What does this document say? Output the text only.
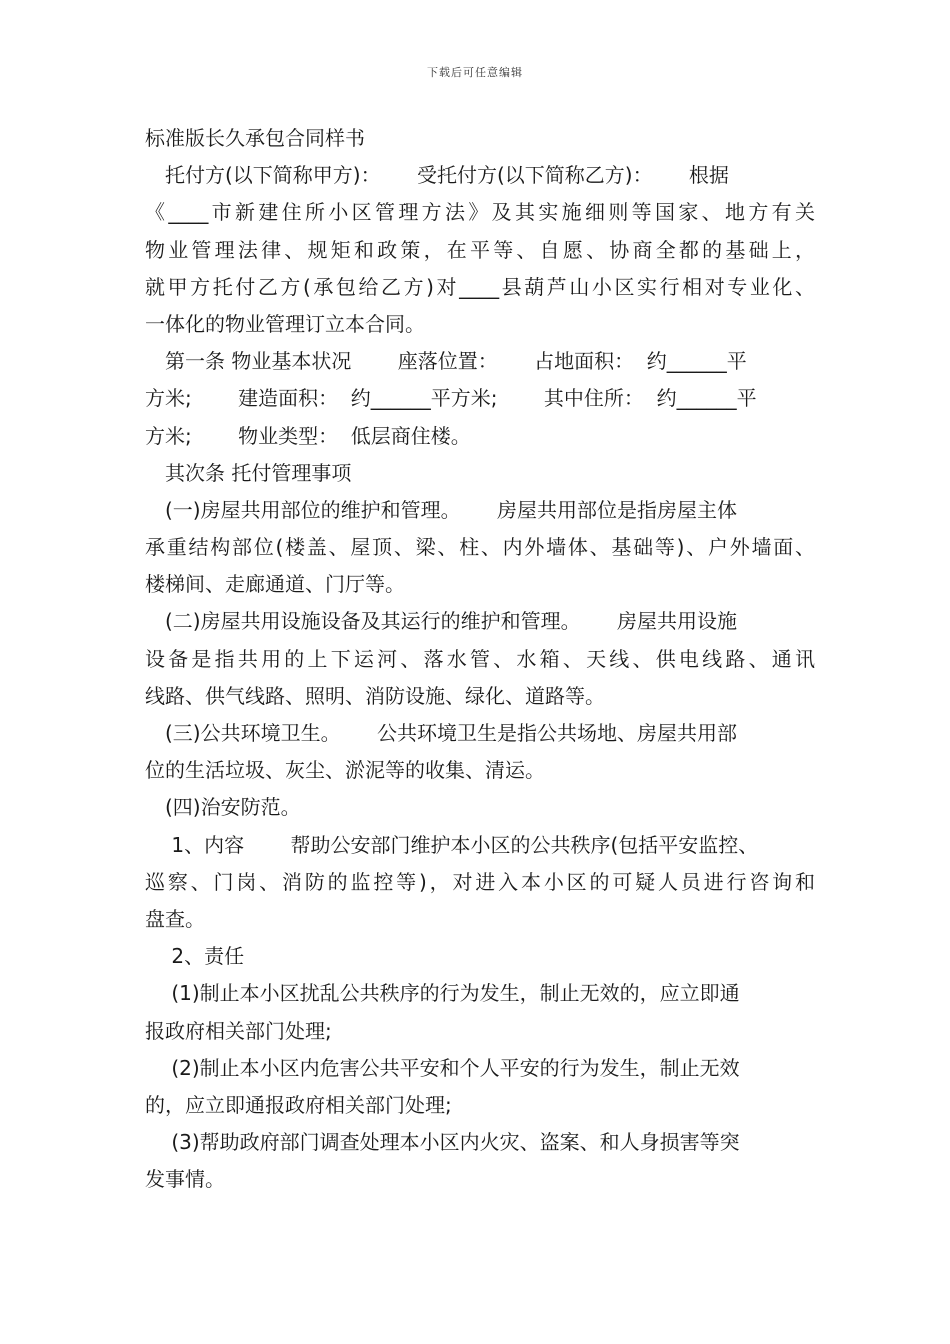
下载后可任意编辑
标准版长久承包合同样书
　托付方(以下简称甲方)：　　 受托付方(以下简称乙方)：　　 根据
《____市新建住所小区管理方法》及其实施细则等国家、地方有关
物业管理法律、规矩和政策，在平等、自愿、协商全都的基础上，
就甲方托付乙方(承包给乙方)对____县葫芦山小区实行相对专业化、
一体化的物业管理订立本合同。
　第一条 物业基本状况　　 座落位置：　　 占地面积：  约______平
方米;　　 建造面积：  约______平方米;　　 其中住所：  约______平
方米;　　 物业类型：  低层商住楼。
　其次条 托付管理事项
　(一)房屋共用部位的维护和管理。　　 房屋共用部位是指房屋主体
承重结构部位(楼盖、屋顶、梁、柱、内外墙体、基础等)、户外墙面、
楼梯间、走廊通道、门厅等。
　(二)房屋共用设施设备及其运行的维护和管理。　　 房屋共用设施
设备是指共用的上下运河、落水管、水箱、天线、供电线路、通讯
线路、供气线路、照明、消防设施、绿化、道路等。
　(三)公共环境卫生。　　 公共环境卫生是指公共场地、房屋共用部
位的生活垃圾、灰尘、淤泥等的收集、清运。
　(四)治安防范。
　 1、内容　　 帮助公安部门维护本小区的公共秩序(包括平安监控、
巡察、门岗、消防的监控等)，对进入本小区的可疑人员进行咨询和
盘查。
　 2、责任
　 (1)制止本小区扰乱公共秩序的行为发生，制止无效的，应立即通
报政府相关部门处理;
　 (2)制止本小区内危害公共平安和个人平安的行为发生，制止无效
的，应立即通报政府相关部门处理;
　 (3)帮助政府部门调查处理本小区内火灾、盗案、和人身损害等突
发事情。
